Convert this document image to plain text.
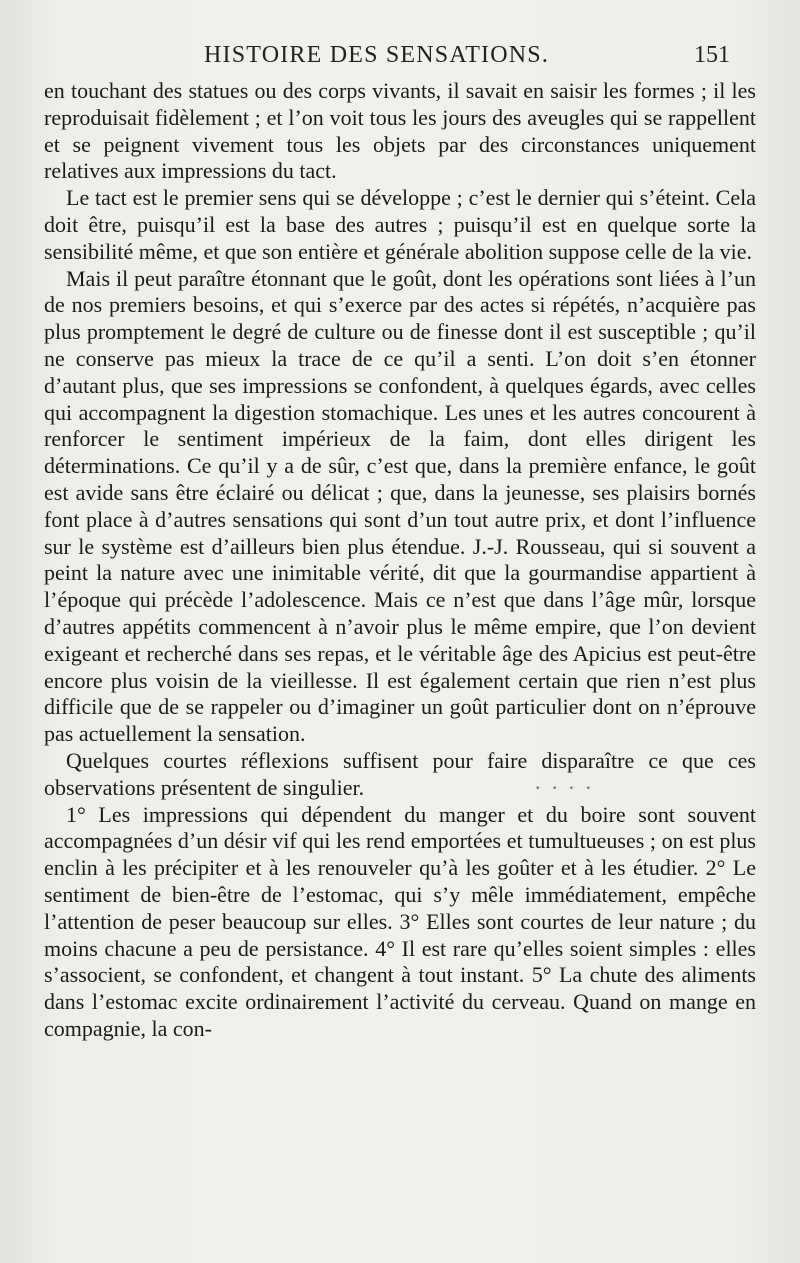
HISTOIRE DES SENSATIONS.	151

en touchant des statues ou des corps vivants, il savait en saisir les formes ; il les reproduisait fidèlement ; et l’on voit tous les jours des aveugles qui se rappellent et se peignent vivement tous les objets par des circonstances uniquement relatives aux impressions du tact.

Le tact est le premier sens qui se développe ; c’est le dernier qui s’éteint. Cela doit être, puisqu’il est la base des autres ; puisqu’il est en quelque sorte la sensibilité même, et que son entière et générale abolition suppose celle de la vie.

Mais il peut paraître étonnant que le goût, dont les opérations sont liées à l’un de nos premiers besoins, et qui s’exerce par des actes si répétés, n’acquière pas plus promptement le degré de culture ou de finesse dont il est susceptible ; qu’il ne conserve pas mieux la trace de ce qu’il a senti. L’on doit s’en étonner d’autant plus, que ses impressions se confondent, à quelques égards, avec celles qui accompagnent la digestion stomachique. Les unes et les autres concourent à renforcer le sentiment impérieux de la faim, dont elles dirigent les déterminations. Ce qu’il y a de sûr, c’est que, dans la première enfance, le goût est avide sans être éclairé ou délicat ; que, dans la jeunesse, ses plaisirs bornés font place à d’autres sensations qui sont d’un tout autre prix, et dont l’influence sur le système est d’ailleurs bien plus étendue. J.-J. Rousseau, qui si souvent a peint la nature avec une inimitable vérité, dit que la gourmandise appartient à l’époque qui précède l’adolescence. Mais ce n’est que dans l’âge mûr, lorsque d’autres appétits commencent à n’avoir plus le même empire, que l’on devient exigeant et recherché dans ses repas, et le véritable âge des Apicius est peut-être encore plus voisin de la vieillesse. Il est également certain que rien n’est plus difficile que de se rappeler ou d’imaginer un goût particulier dont on n’éprouve pas actuellement la sensation.

Quelques courtes réflexions suffisent pour faire disparaître ce que ces observations présentent de singulier.	· · · ·

1° Les impressions qui dépendent du manger et du boire sont souvent accompagnées d’un désir vif qui les rend emportées et tumultueuses ; on est plus enclin à les précipiter et à les renouveler qu’à les goûter et à les étudier. 2° Le sentiment de bien-être de l’estomac, qui s’y mêle immédiatement, empêche l’attention de peser beaucoup sur elles. 3° Elles sont courtes de leur nature ; du moins chacune a peu de persistance. 4° Il est rare qu’elles soient simples : elles s’associent, se confondent, et changent à tout instant. 5° La chute des aliments dans l’estomac excite ordinairement l’activité du cerveau. Quand on mange en compagnie, la con-
